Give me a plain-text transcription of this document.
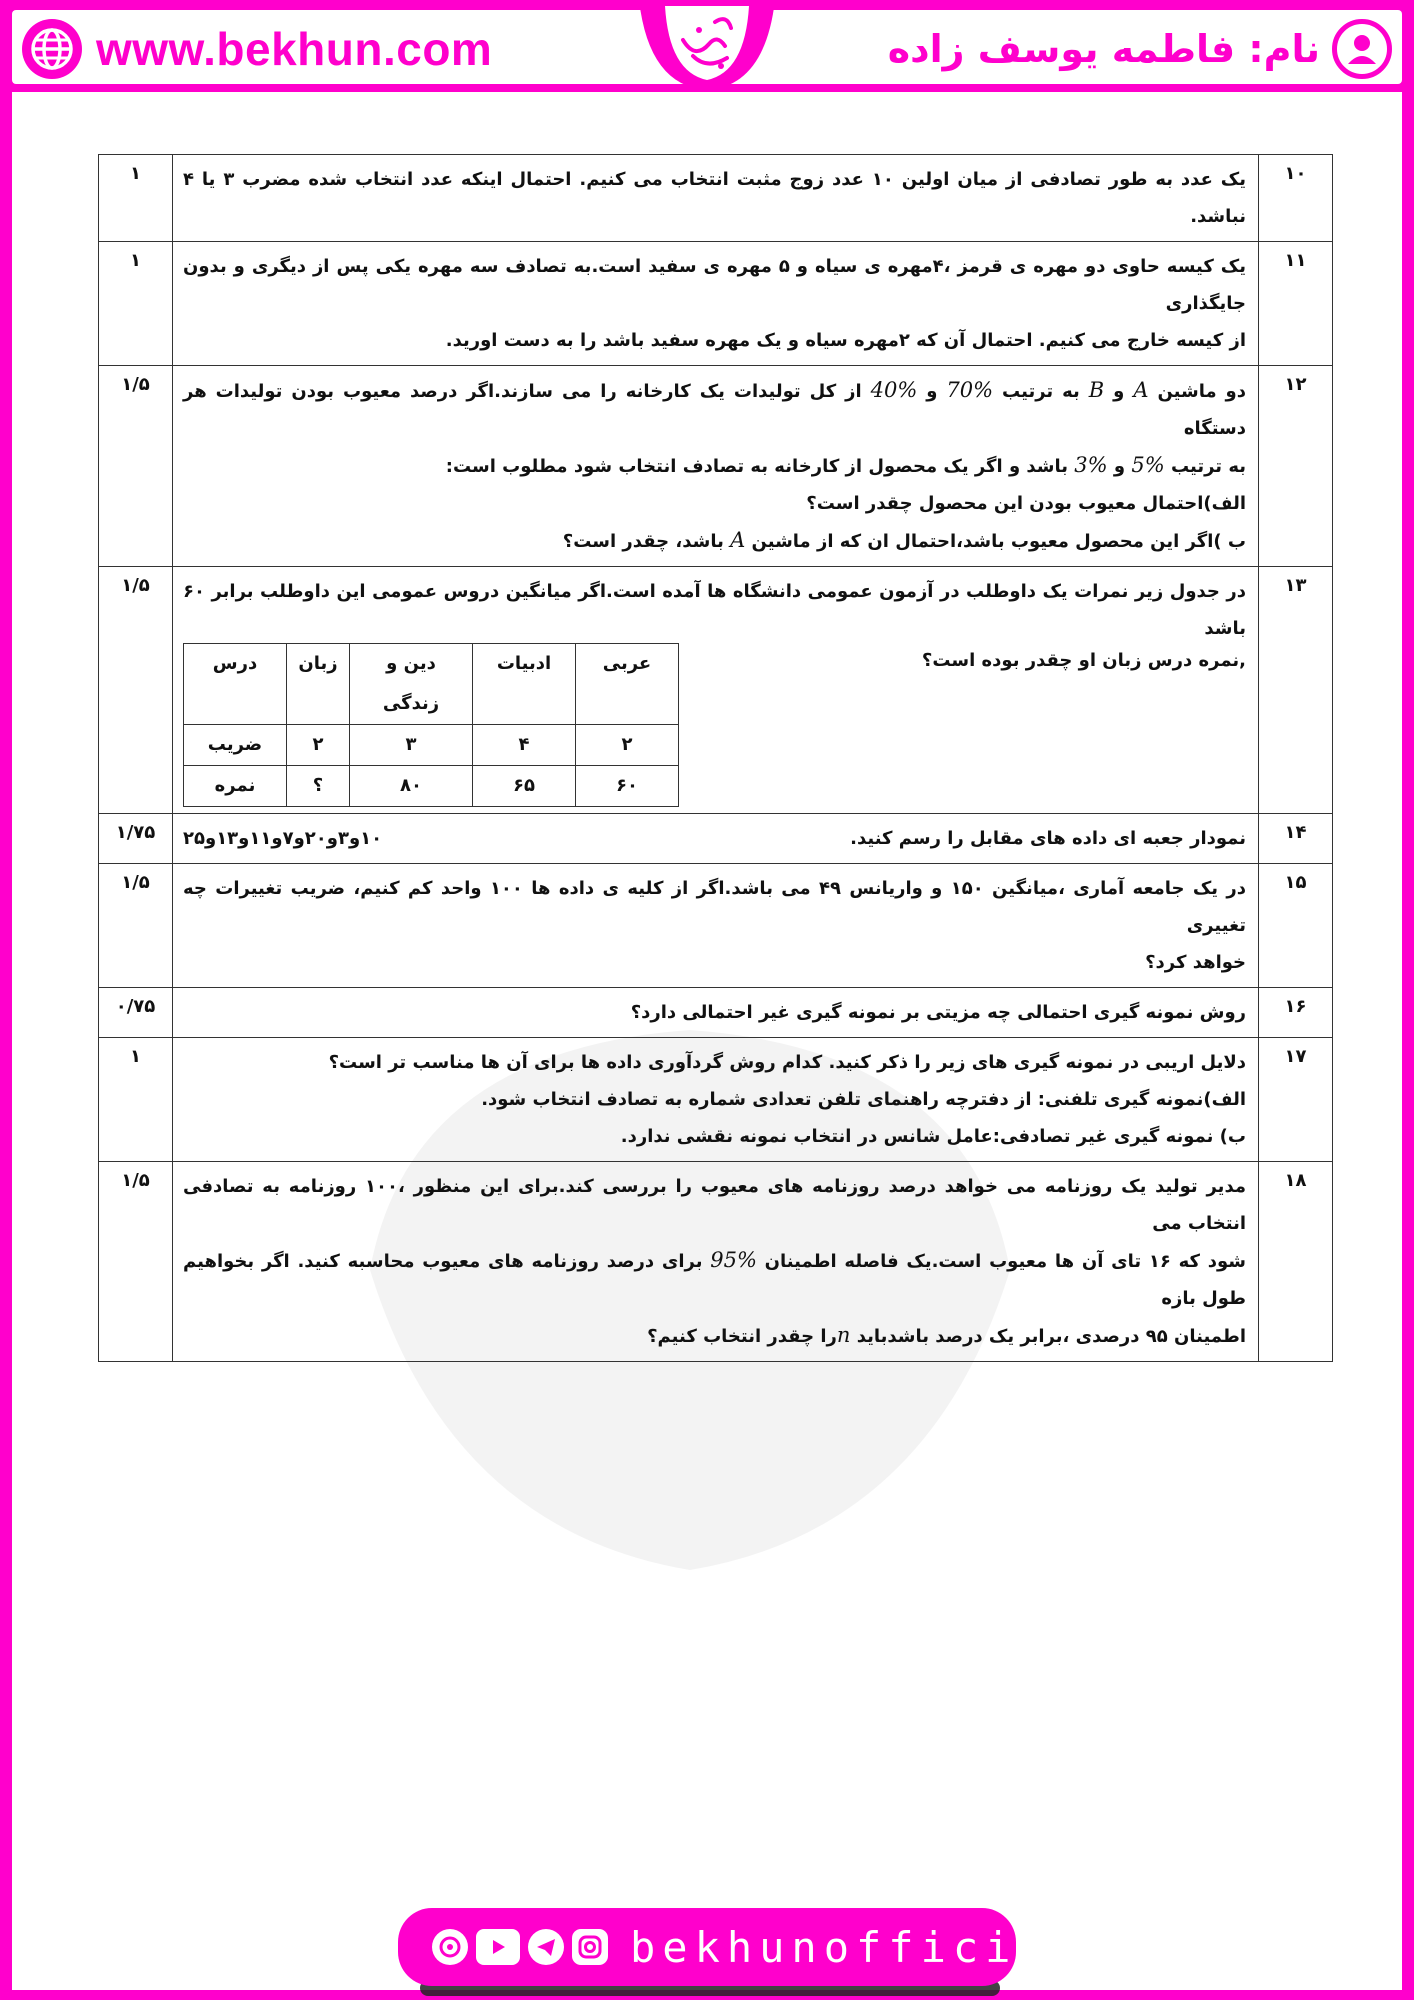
www.bekhun.com	نام: فاطمه یوسف زاده
۱۰	
یک عدد به طور تصادفی از میان اولین ۱۰ عدد زوج مثبت انتخاب می کنیم. احتمال اینکه عدد انتخاب شده مضرب ۳ یا ۴ نباشد.
	۱
۱۱	
یک کیسه حاوی دو مهره ی قرمز ،۴مهره ی سیاه و ۵ مهره ی سفید است.به تصادف سه مهره یکی پس از دیگری و بدون جایگذاری
از کیسه خارج می کنیم. احتمال آن که ۲مهره سیاه و یک مهره سفید باشد را به دست اورید.
	۱
۱۲	
دو ماشین A و B به ترتیب 70% و 40% از کل تولیدات یک کارخانه را می سازند.اگر درصد معیوب بودن تولیدات هر دستگاه
به ترتیب 5% و 3% باشد و اگر یک محصول از کارخانه به تصادف انتخاب شود مطلوب است:
الف)احتمال معیوب بودن این محصول چقدر است؟
ب )اگر این محصول معیوب باشد،احتمال ان که از ماشین A باشد، چقدر است؟
	۱/۵
۱۳	
در جدول زیر نمرات یک داوطلب در آزمون عمومی دانشگاه ها آمده است.اگر میانگین دروس عمومی این داوطلب برابر ۶۰ باشد
,نمره درس زبان او چقدر بوده است؟
عربی	ادبیات	دین و زندگی	زبان	درس
۲	۴	۳	۲	ضریب
۶۰	۶۵	۸۰	؟	نمره
	۱/۵
۱۴	
نمودار جعبه ای داده های مقابل را رسم کنید.
۱۰و۳و۲۰و۷و۱۱و۱۳و۲۵
	۱/۷۵
۱۵	
در یک جامعه آماری ،میانگین ۱۵۰ و واریانس ۴۹ می باشد.اگر از کلیه ی داده ها ۱۰۰ واحد کم کنیم، ضریب تغییرات چه تغییری
خواهد کرد؟
	۱/۵
۱۶	
روش نمونه گیری احتمالی چه مزیتی بر نمونه گیری غیر احتمالی دارد؟
	۰/۷۵
۱۷	
دلایل اریبی در نمونه گیری های زیر را ذکر کنید. کدام روش گردآوری داده ها برای آن ها مناسب تر است؟
الف)نمونه گیری تلفنی: از دفترچه راهنمای تلفن تعدادی شماره به تصادف انتخاب شود.
ب) نمونه گیری غیر تصادفی:عامل شانس در انتخاب نمونه نقشی ندارد.
	۱
۱۸	
مدیر تولید یک روزنامه می خواهد درصد روزنامه های معیوب را بررسی کند.برای این منظور ،۱۰۰ روزنامه به تصادفی انتخاب می
شود که ۱۶ تای آن ها معیوب است.یک فاصله اطمینان 95% برای درصد روزنامه های معیوب محاسبه کنید. اگر بخواهیم طول بازه
اطمینان ۹۵ درصدی ،برابر یک درصد باشدباید nرا چقدر انتخاب کنیم؟
	۱/۵
bekhunofficial
